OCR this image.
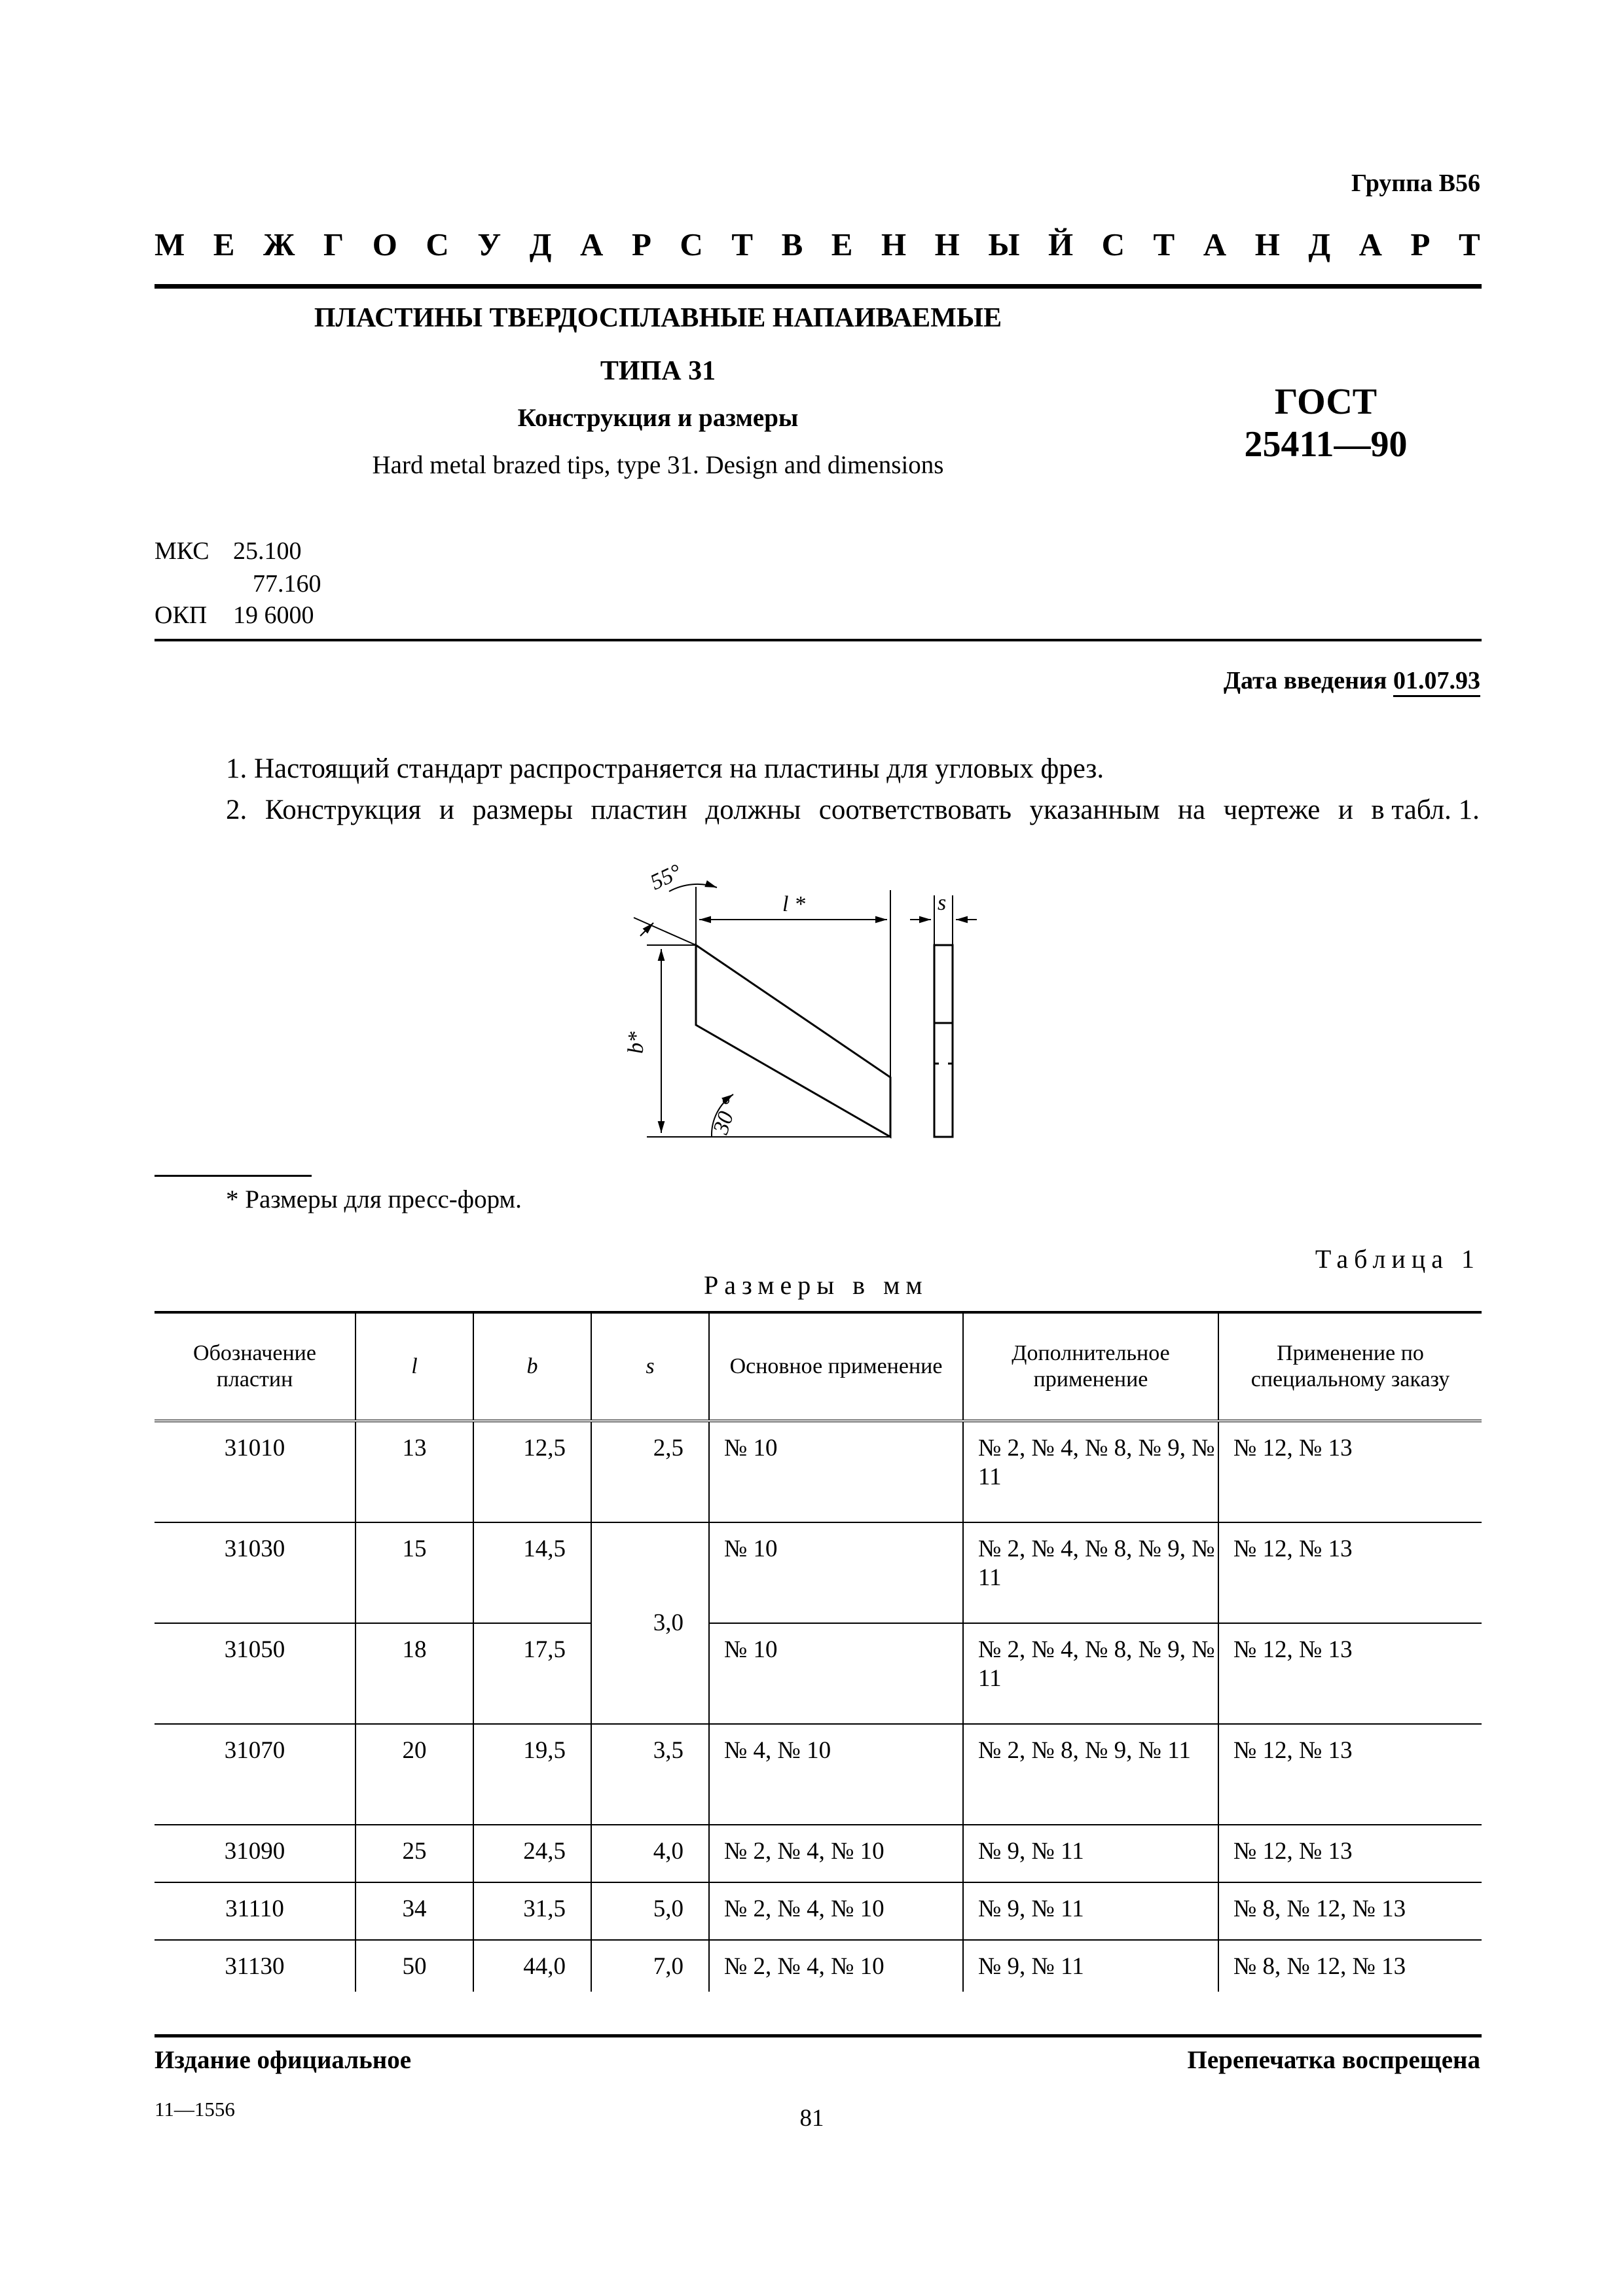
Группа В56
М Е Ж Г О С У Д А Р С Т В Е Н Н Ы Й С Т А Н Д А Р Т
ПЛАСТИНЫ ТВЕРДОСПЛАВНЫЕ НАПАИВАЕМЫЕ
ТИПА 31
Конструкция и размеры
Hard metal brazed tips, type 31. Design and dimensions
ГОСТ
25411—90
МКС 25.100
77.160
ОКП 19 6000
Дата введения 01.07.93
1. Настоящий стандарт распространяется на пластины для угловых фрез.
2. Конструкция и размеры пластин должны соответствовать указанным на чертеже и в табл. 1.
55°
l *	s
b*
30 °
* Размеры для пресс-форм.
Таблица 1
Размеры в мм
Обозначение пластин	l	b	s	Основное применение	Дополнительное применение	Применение по специальному заказу
31010	13	12,5	2,5	№ 10	№ 2, № 4, № 8, № 9, № 11	№ 12, № 13
31030	15	14,5	3,0	№ 10	№ 2, № 4, № 8, № 9, № 11	№ 12, № 13
31050	18	17,5		№ 10	№ 2, № 4, № 8, № 9, № 11	№ 12, № 13
31070	20	19,5	3,5	№ 4, № 10	№ 2, № 8, № 9, № 11	№ 12, № 13
31090	25	24,5	4,0	№ 2, № 4, № 10	№ 9, № 11	№ 12, № 13
31110	34	31,5	5,0	№ 2, № 4, № 10	№ 9, № 11	№ 8, № 12, № 13
31130	50	44,0	7,0	№ 2, № 4, № 10	№ 9, № 11	№ 8, № 12, № 13
Издание официальное	Перепечатка воспрещена
11—1556	81
